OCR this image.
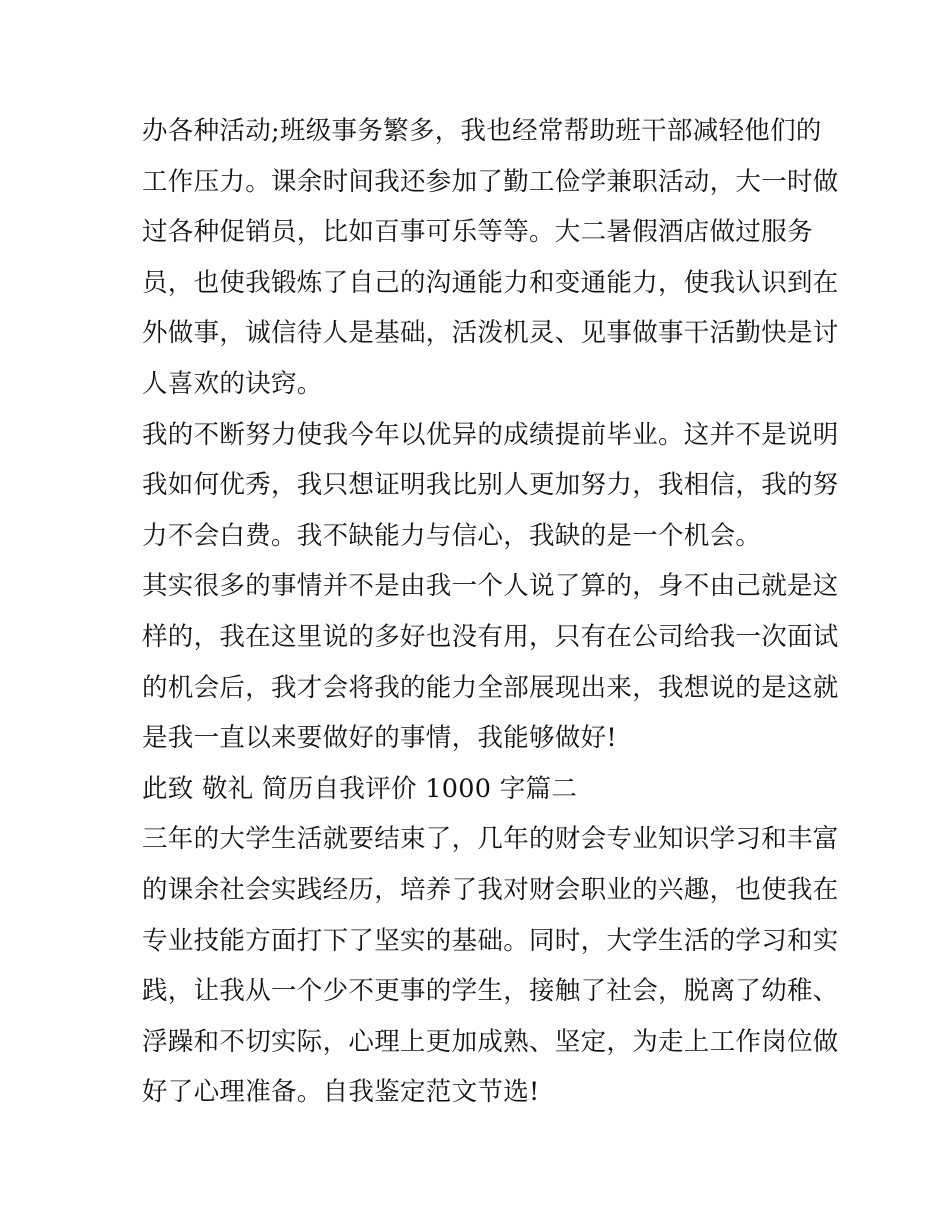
办各种活动;班级事务繁多，我也经常帮助班干部减轻他们的
工作压力。课余时间我还参加了勤工俭学兼职活动，大一时做
过各种促销员，比如百事可乐等等。大二暑假酒店做过服务
员，也使我锻炼了自己的沟通能力和变通能力，使我认识到在
外做事，诚信待人是基础，活泼机灵、见事做事干活勤快是讨
人喜欢的诀窍。
我的不断努力使我今年以优异的成绩提前毕业。这并不是说明
我如何优秀，我只想证明我比别人更加努力，我相信，我的努
力不会白费。我不缺能力与信心，我缺的是一个机会。
其实很多的事情并不是由我一个人说了算的，身不由己就是这
样的，我在这里说的多好也没有用，只有在公司给我一次面试
的机会后，我才会将我的能力全部展现出来，我想说的是这就
是我一直以来要做好的事情，我能够做好!
此致 敬礼 简历自我评价 1000 字篇二
三年的大学生活就要结束了，几年的财会专业知识学习和丰富
的课余社会实践经历，培养了我对财会职业的兴趣，也使我在
专业技能方面打下了坚实的基础。同时，大学生活的学习和实
践，让我从一个少不更事的学生，接触了社会，脱离了幼稚、
浮躁和不切实际，心理上更加成熟、坚定，为走上工作岗位做
好了心理准备。自我鉴定范文节选!
